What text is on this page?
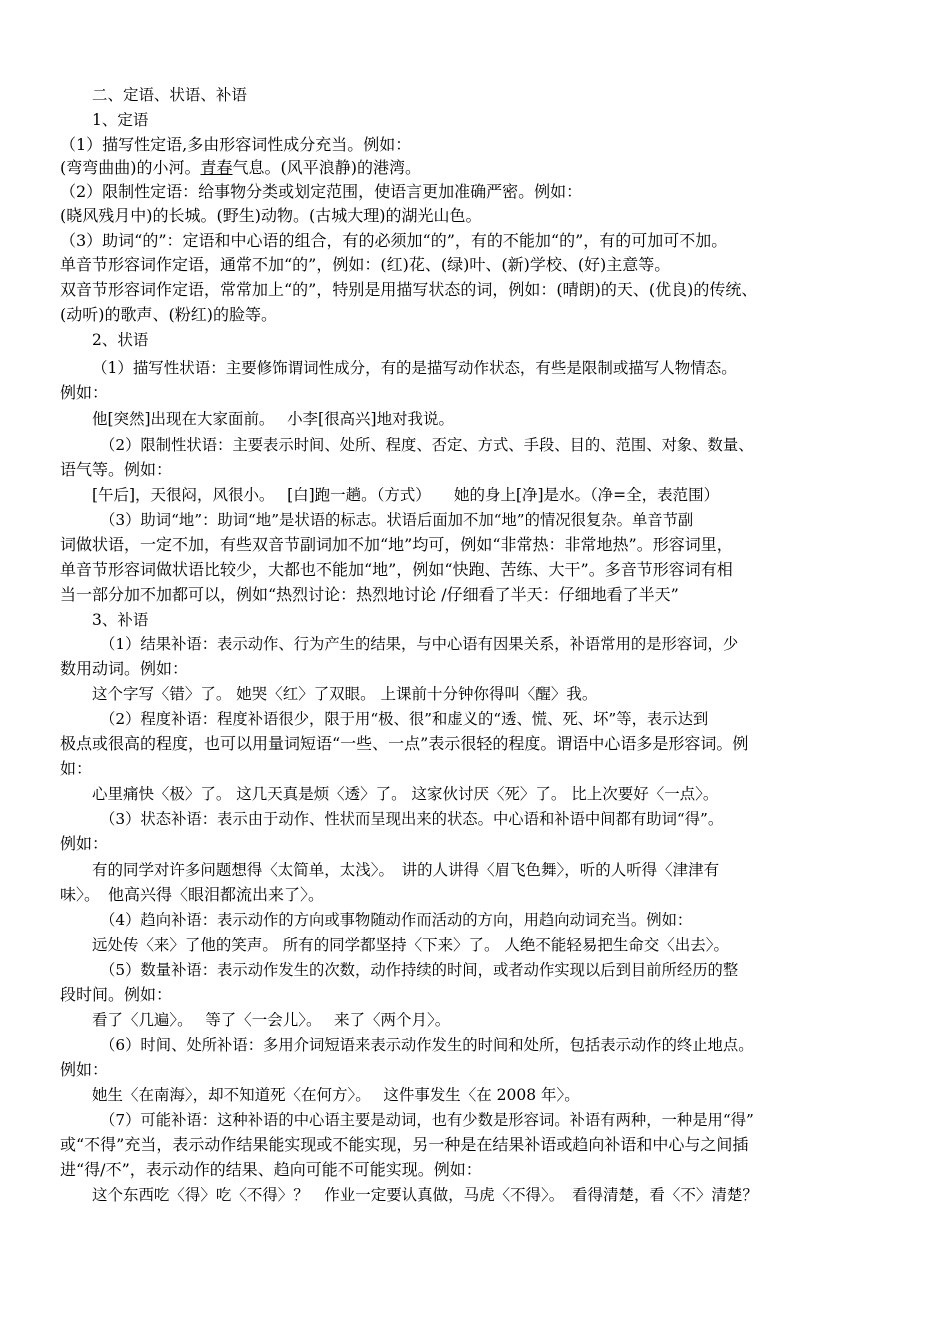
二、定语、状语、补语
1、定语
（1）描写性定语,多由形容词性成分充当。例如：
(弯弯曲曲)的小河。青春气息。(风平浪静)的港湾。
（2）限制性定语：给事物分类或划定范围，使语言更加准确严密。例如：
(晓风残月中)的长城。(野生)动物。(古城大理)的湖光山色。
（3）助词“的”：定语和中心语的组合，有的必须加“的”，有的不能加“的”，有的可加可不加。
单音节形容词作定语，通常不加“的”，例如：(红)花、(绿)叶、(新)学校、(好)主意等。
双音节形容词作定语，常常加上“的”，特别是用描写状态的词，例如：(晴朗)的天、(优良)的传统、
(动听)的歌声、(粉红)的脸等。
2、状语
（1）描写性状语：主要修饰谓词性成分，有的是描写动作状态，有些是限制或描写人物情态。
例如：
他[突然]出现在大家面前。　 小李[很高兴]地对我说。
（2）限制性状语：主要表示时间、处所、程度、否定、方式、手段、目的、范围、对象、数量、
语气等。例如：
[午后]，天很闷，风很小。　 [白]跑一趟。（方式）　　她的身上[净]是水。（净=全，表范围）
（3）助词“地”：助词“地”是状语的标志。状语后面加不加“地”的情况很复杂。单音节副
词做状语，一定不加，有些双音节副词加不加“地”均可，例如“非常热：非常地热”。形容词里，
单音节形容词做状语比较少，大都也不能加“地”，例如“快跑、苦练、大干”。多音节形容词有相
当一部分加不加都可以，例如“热烈讨论：热烈地讨论 /仔细看了半天：仔细地看了半天”
3、补语
（1）结果补语：表示动作、行为产生的结果，与中心语有因果关系，补语常用的是形容词，少
数用动词。例如：
这个字写〈错〉了。 她哭〈红〉了双眼。 上课前十分钟你得叫〈醒〉我。
（2）程度补语：程度补语很少，限于用“极、很”和虚义的“透、慌、死、坏”等，表示达到
极点或很高的程度，也可以用量词短语“一些、一点”表示很轻的程度。谓语中心语多是形容词。例
如：
心里痛快〈极〉了。 这几天真是烦〈透〉了。 这家伙讨厌〈死〉了。 比上次要好〈一点〉。
（3）状态补语：表示由于动作、性状而呈现出来的状态。中心语和补语中间都有助词“得”。
例如：
有的同学对许多问题想得〈太简单，太浅〉。　讲的人讲得〈眉飞色舞〉，听的人听得〈津津有
味〉。　他高兴得〈眼泪都流出来了〉。
（4）趋向补语：表示动作的方向或事物随动作而活动的方向，用趋向动词充当。例如：
远处传〈来〉了他的笑声。 所有的同学都坚持〈下来〉了。 人绝不能轻易把生命交〈出去〉。
（5）数量补语：表示动作发生的次数，动作持续的时间，或者动作实现以后到目前所经历的整
段时间。例如：
看了〈几遍〉。　 等了〈一会儿〉。　 来了〈两个月〉。
（6）时间、处所补语：多用介词短语来表示动作发生的时间和处所，包括表示动作的终止地点。
例如：
她生〈在南海〉，却不知道死〈在何方〉。　 这件事发生〈在 2008 年〉。
（7）可能补语：这种补语的中心语主要是动词，也有少数是形容词。补语有两种，一种是用“得”
或“不得”充当，表示动作结果能实现或不能实现，另一种是在结果补语或趋向补语和中心与之间插
进“得/不”，表示动作的结果、趋向可能不可能实现。例如：
这个东西吃〈得〉吃〈不得〉？　作业一定要认真做，马虎〈不得〉。　看得清楚，看〈不〉清楚？
